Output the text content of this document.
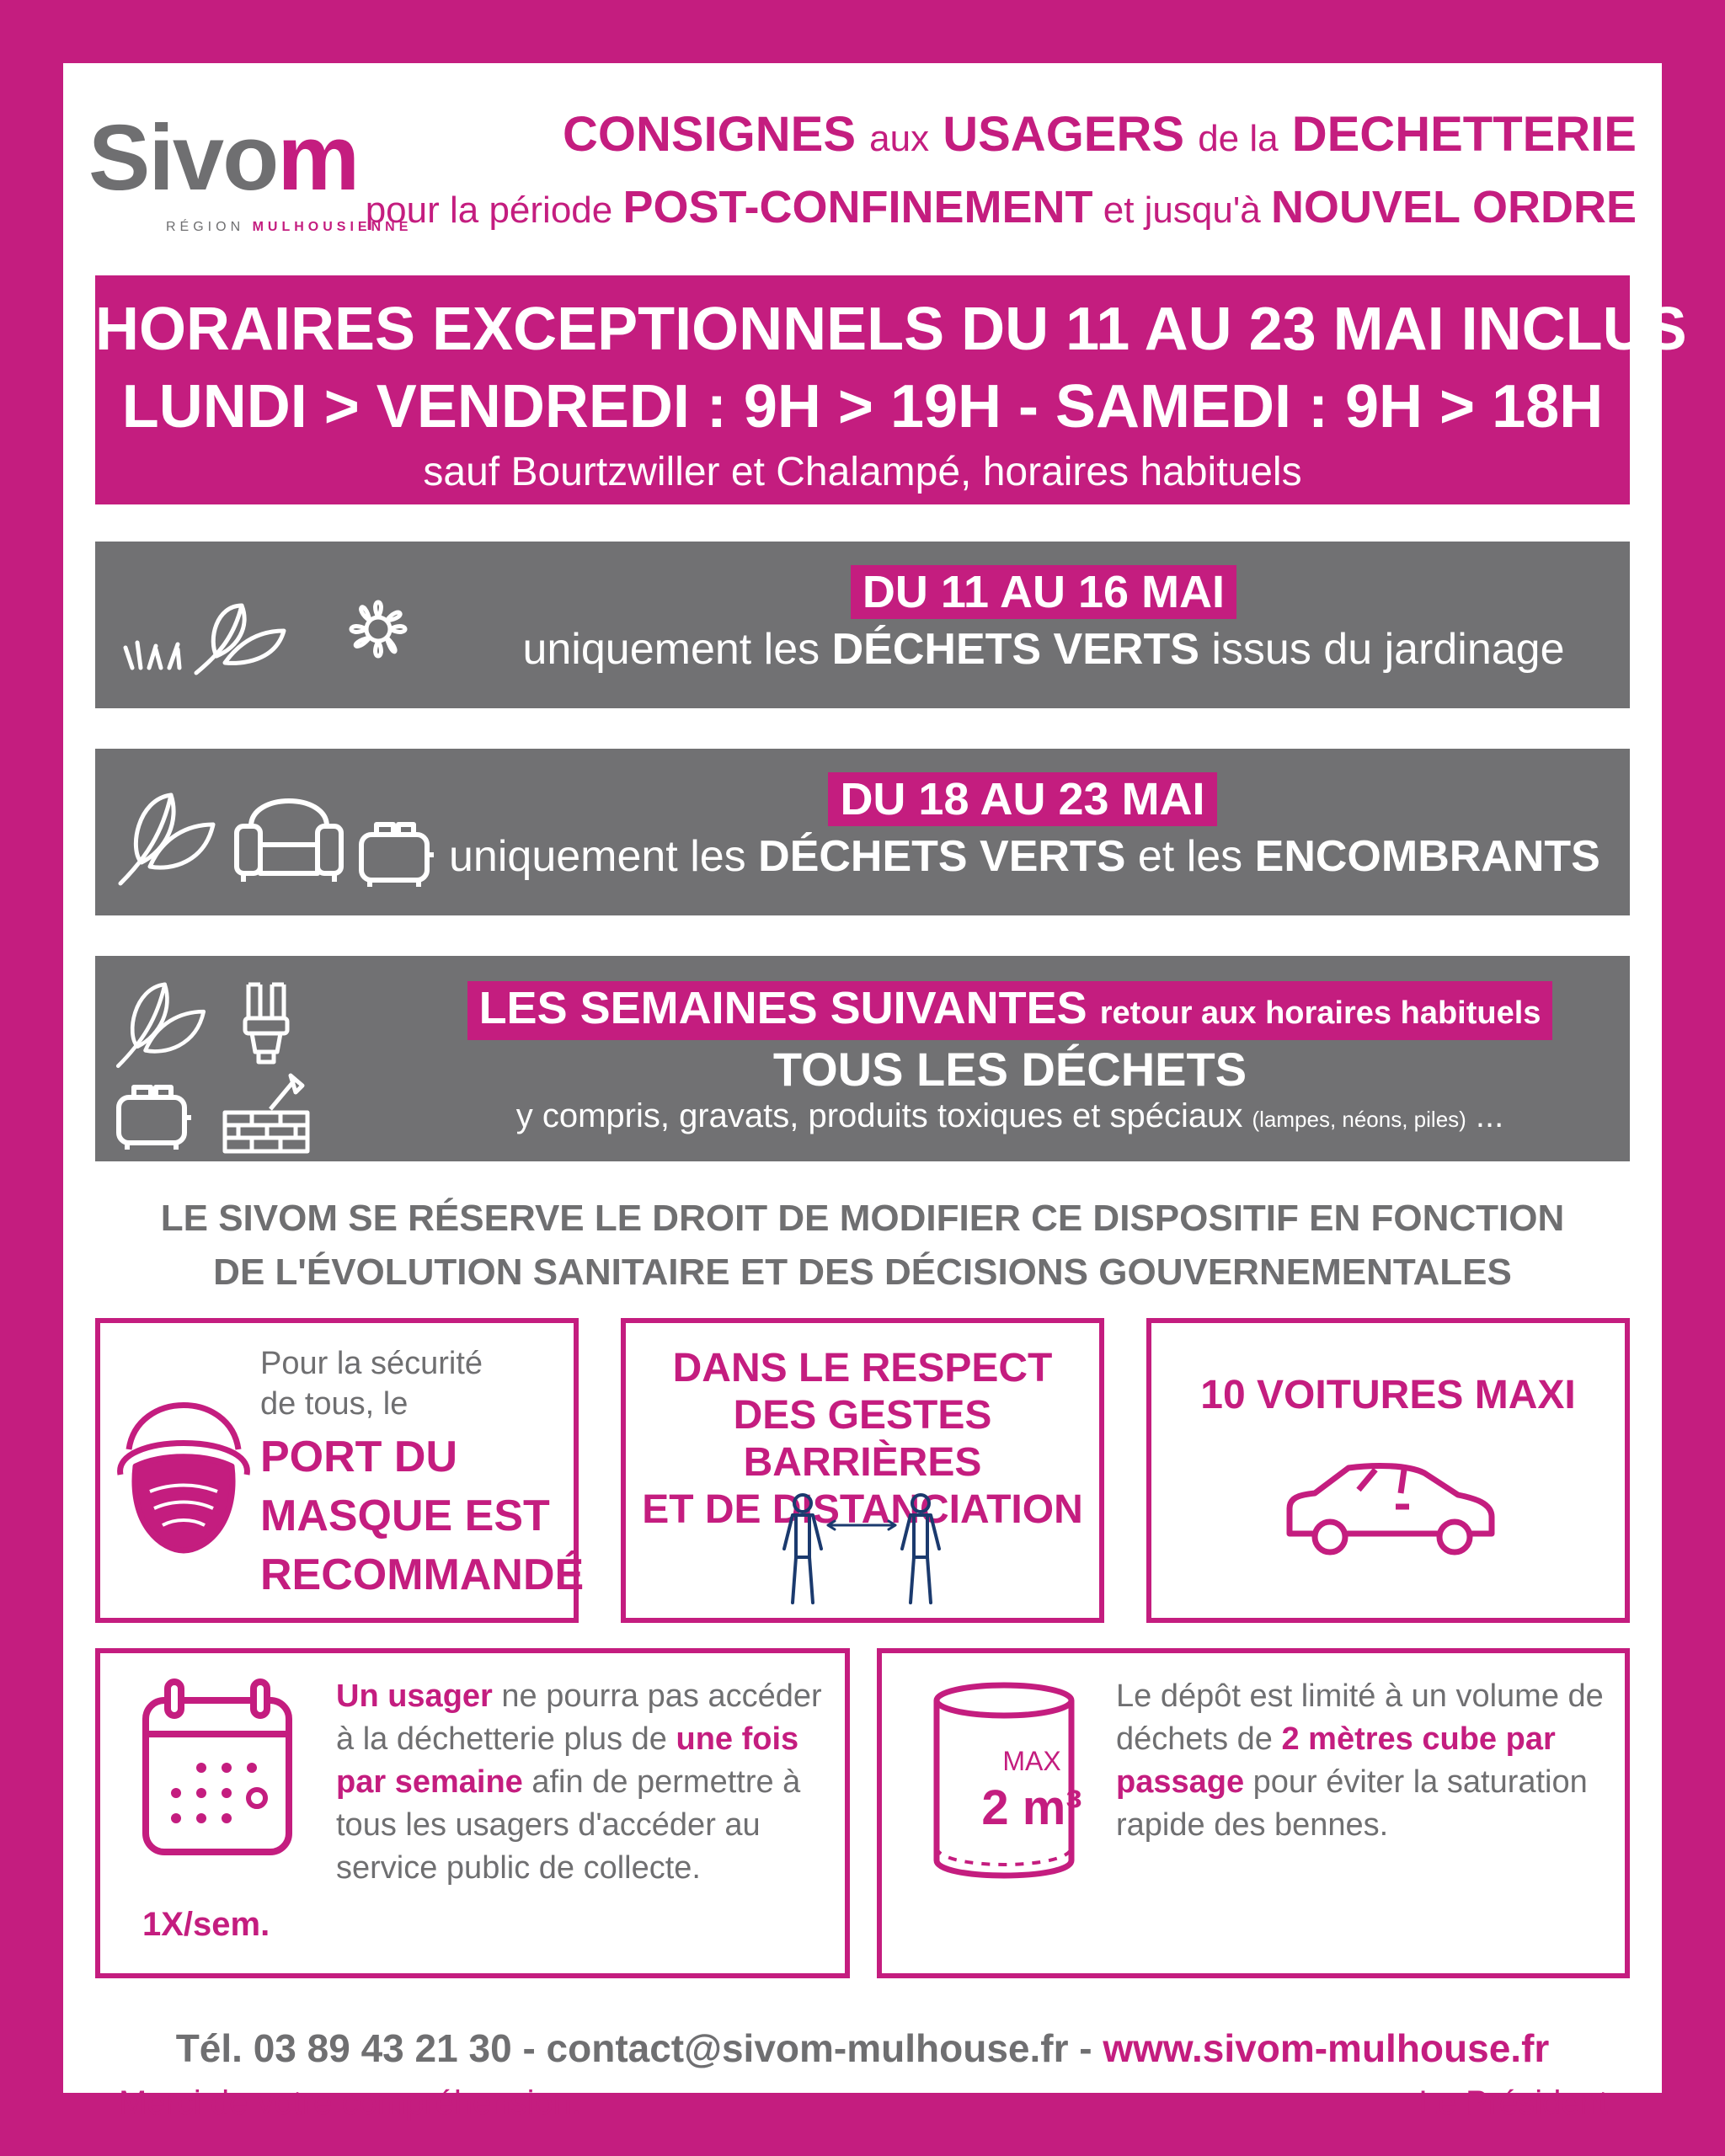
Sivom
RÉGION MULHOUSIENNE
CONSIGNES aux USAGERS de la DECHETTERIE
pour la période POST-CONFINEMENT et jusqu'à NOUVEL ORDRE
HORAIRES EXCEPTIONNELS DU 11 AU 23 MAI INCLUS
LUNDI > VENDREDI : 9H > 19H - SAMEDI : 9H > 18H
sauf Bourtzwiller et Chalampé, horaires habituels
DU 11 AU 16 MAI
uniquement les DÉCHETS VERTS issus du jardinage
DU 18 AU 23 MAI
uniquement les DÉCHETS VERTS et les ENCOMBRANTS
LES SEMAINES SUIVANTES retour aux horaires habituels
TOUS LES DÉCHETS
y compris, gravats, produits toxiques et spéciaux (lampes, néons, piles) ...
LE SIVOM SE RÉSERVE LE DROIT DE MODIFIER CE DISPOSITIF EN FONCTION
DE L'ÉVOLUTION SANITAIRE ET DES DÉCISIONS GOUVERNEMENTALES
Pour la sécurité
de tous, le
PORT DU
MASQUE EST
RECOMMANDÉ
DANS LE RESPECT
DES GESTES BARRIÈRES
ET DE DISTANCIATION
10 VOITURES MAXI
1X/sem.
Un usager ne pourra pas accéder à la déchetterie plus de une fois par semaine afin de permettre à tous les usagers d'accéder au service public de collecte.
MAX
2 m³
Le dépôt est limité à un volume de déchets de 2 mètres cube par passage pour éviter la saturation rapide des bennes.
Tél. 03 89 43 21 30 - contact@sivom-mulhouse.fr - www.sivom-mulhouse.fr
Merci de votre compréhension.	Le Président
